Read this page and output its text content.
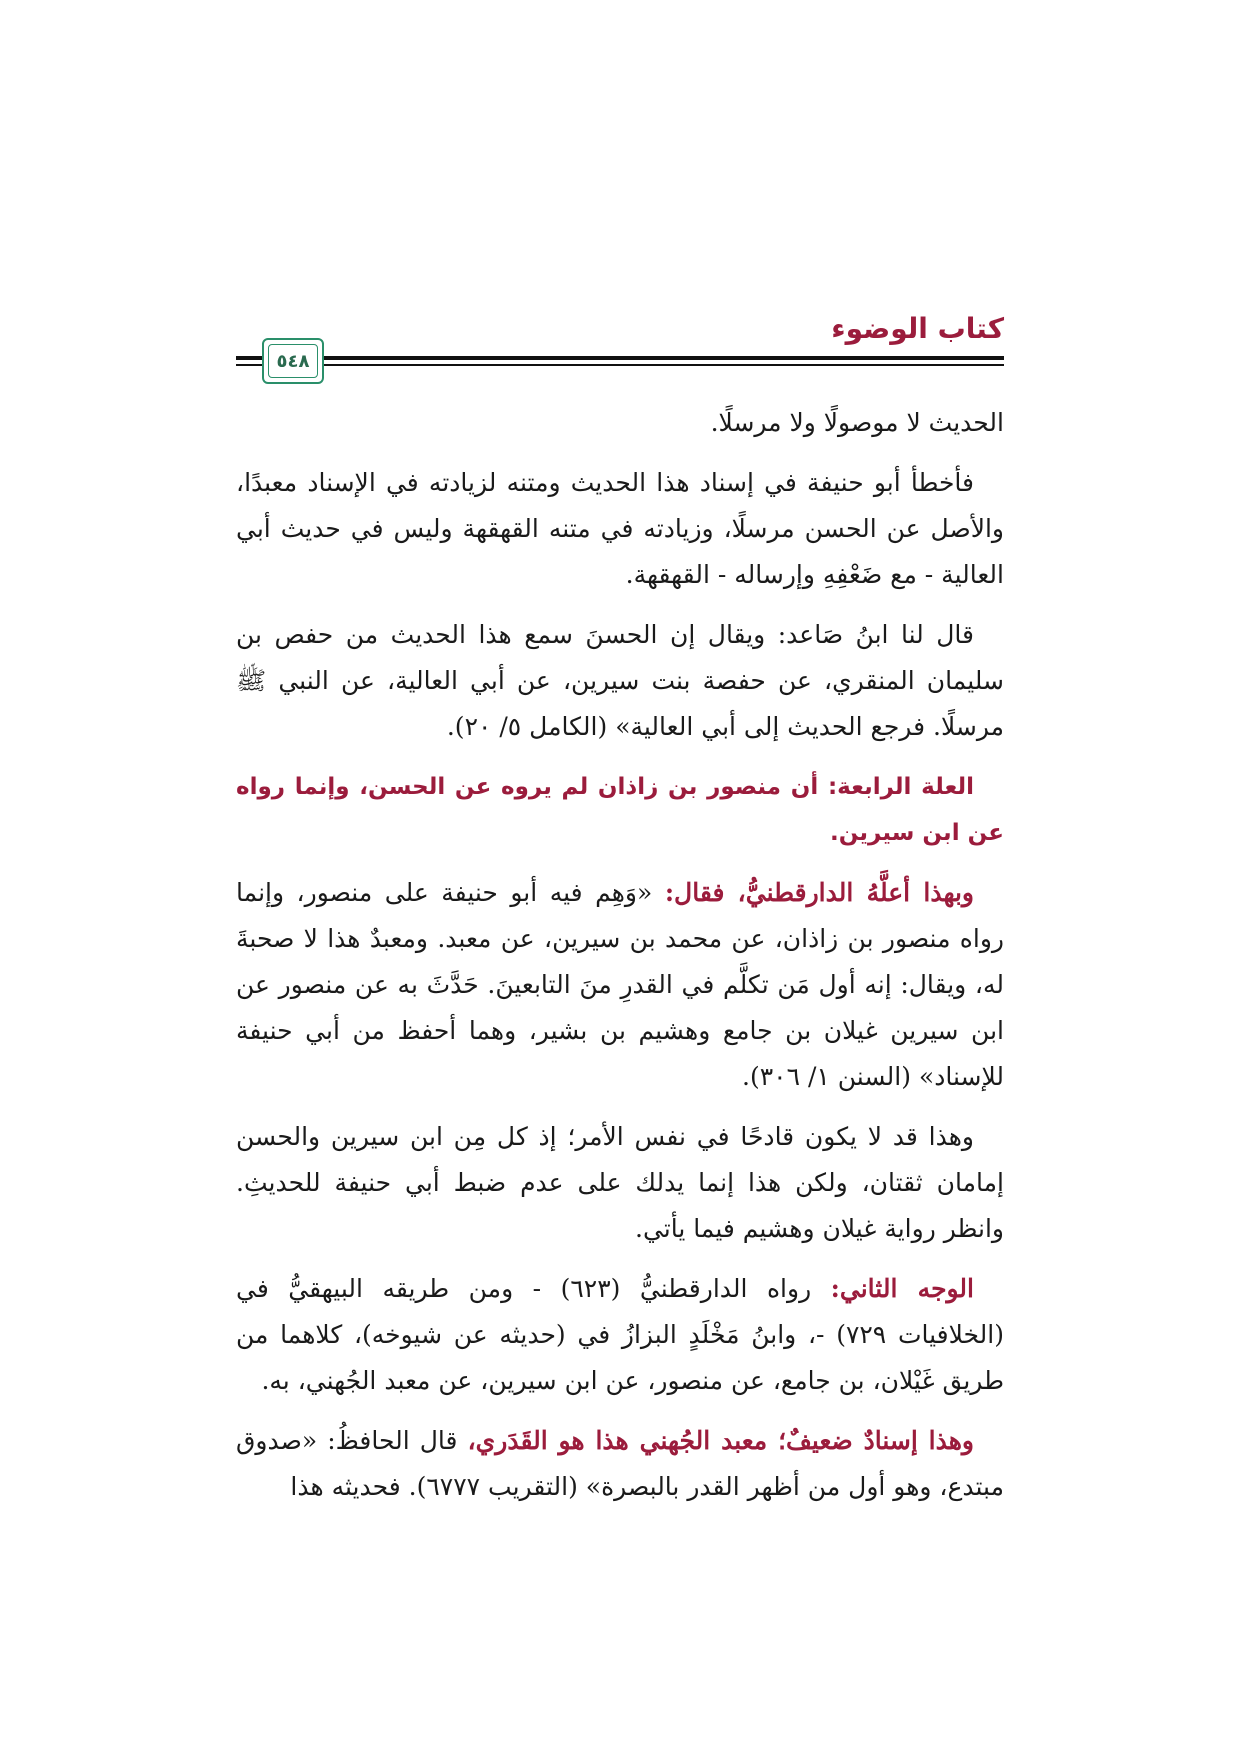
كتاب الوضوء
٥٤٨

الحديث لا موصولًا ولا مرسلًا.

فأخطأ أبو حنيفة في إسناد هذا الحديث ومتنه لزيادته في الإسناد معبدًا، والأصل عن الحسن مرسلًا، وزيادته في متنه القهقهة وليس في حديث أبي العالية - مع ضَعْفِهِ وإرساله - القهقهة.

قال لنا ابنُ صَاعد: ويقال إن الحسنَ سمع هذا الحديث من حفص بن سليمان المنقري، عن حفصة بنت سيرين، عن أبي العالية، عن النبي ﷺ مرسلًا. فرجع الحديث إلى أبي العالية» (الكامل ٥/ ٢٠).

العلة الرابعة: أن منصور بن زاذان لم يروه عن الحسن، وإنما رواه عن ابن سيرين.

وبهذا أعلَّهُ الدارقطنيُّ، فقال: «وَهِم فيه أبو حنيفة على منصور، وإنما رواه منصور بن زاذان، عن محمد بن سيرين، عن معبد. ومعبدٌ هذا لا صحبةَ له، ويقال: إنه أول مَن تكلَّم في القدرِ منَ التابعينَ. حَدَّثَ به عن منصور عن ابن سيرين غيلان بن جامع وهشيم بن بشير، وهما أحفظ من أبي حنيفة للإسناد» (السنن ١/ ٣٠٦).

وهذا قد لا يكون قادحًا في نفس الأمر؛ إذ كل مِن ابن سيرين والحسن إمامان ثقتان، ولكن هذا إنما يدلك على عدم ضبط أبي حنيفة للحديثِ. وانظر رواية غيلان وهشيم فيما يأتي.

الوجه الثاني: رواه الدارقطنيُّ (٦٢٣) - ومن طريقه البيهقيُّ في (الخلافيات ٧٢٩) -، وابنُ مَخْلَدٍ البزازُ في (حديثه عن شيوخه)، كلاهما من طريق غَيْلان، بن جامع، عن منصور، عن ابن سيرين، عن معبد الجُهني، به.

وهذا إسنادٌ ضعيفٌ؛ معبد الجُهني هذا هو القَدَري، قال الحافظُ: «صدوق مبتدع، وهو أول من أظهر القدر بالبصرة» (التقريب ٦٧٧٧). فحديثه هذا
